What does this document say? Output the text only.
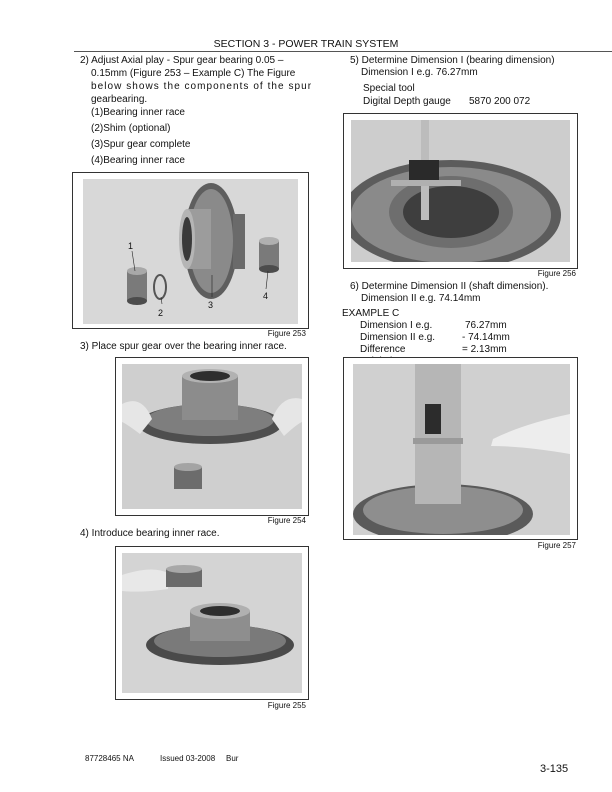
SECTION 3 - POWER TRAIN SYSTEM
2) Adjust Axial play - Spur gear bearing 0.05 –
0.15mm (Figure 253 – Example C) The Figure
below shows the components of the spur
gearbearing.
(1)Bearing inner race
(2)Shim (optional)
(3)Spur gear complete
(4)Bearing inner race
1
2
3
4
Figure 253
3) Place spur gear over the bearing inner race.
Figure 254
4) Introduce bearing inner race.
Figure 255
5) Determine Dimension I (bearing dimension)
Dimension I e.g. 76.27mm
Special tool
Digital Depth gauge 5870 200 072
Figure 256
6) Determine Dimension II (shaft dimension).
Dimension II e.g. 74.14mm
EXAMPLE C
Dimension I e.g.	76.27mm
Dimension II e.g.	- 74.14mm
Difference	= 2.13mm
Figure 257
87728465 NA	Issued 03-2008 Bur
3-135
